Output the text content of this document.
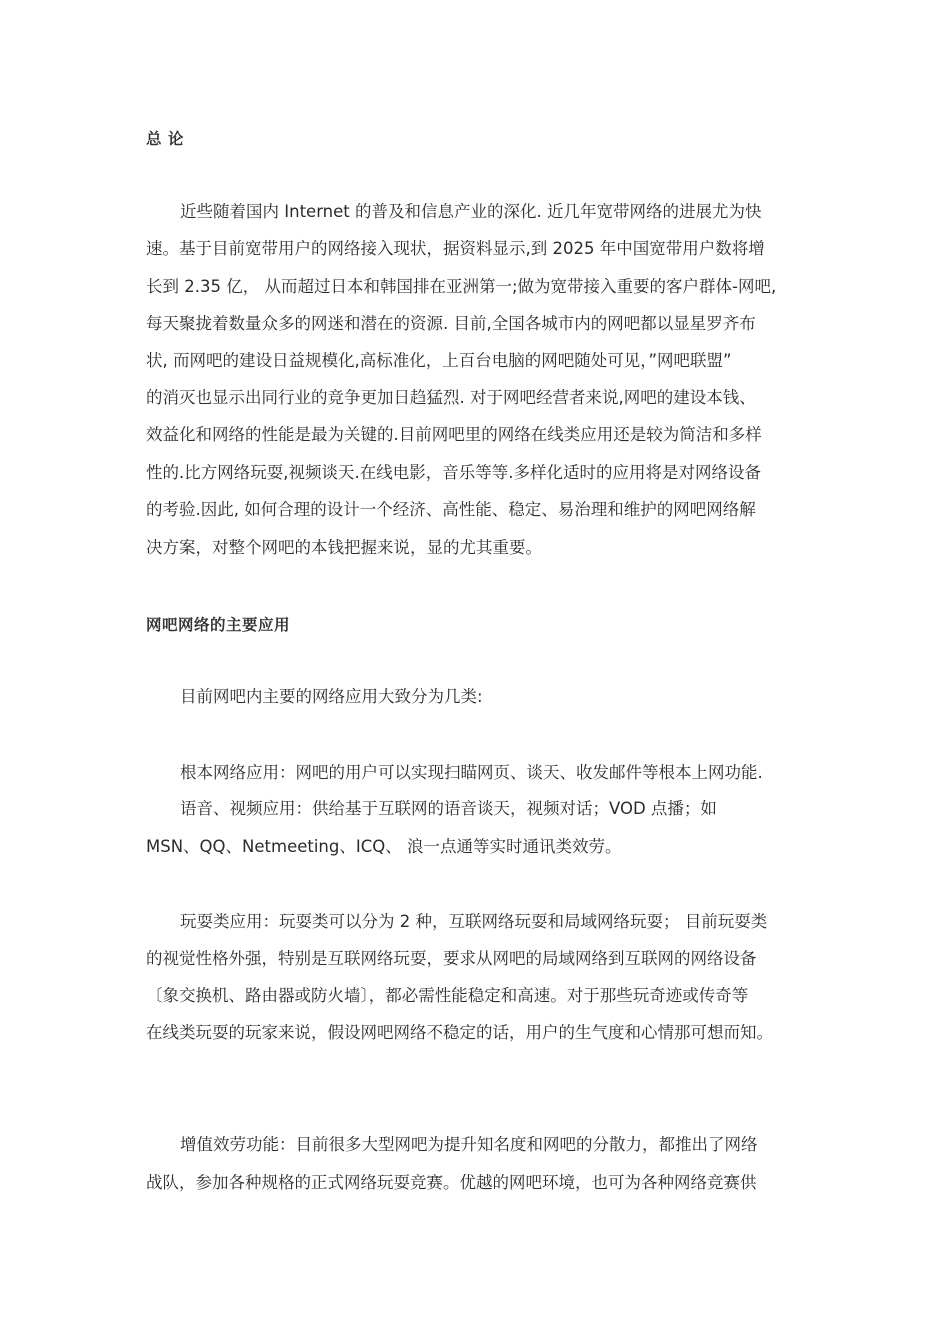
总 论
近些随着国内 Internet 的普及和信息产业的深化. 近几年宽带网络的进展尤为快
速。基于目前宽带用户的网络接入现状，据资料显示,到 2025 年中国宽带用户数将增
长到 2.35 亿， 从而超过日本和韩国排在亚洲第一;做为宽带接入重要的客户群体-网吧,
每天聚拢着数量众多的网迷和潜在的资源. 目前,全国各城市内的网吧都以显星罗齐布
状, 而网吧的建设日益规模化,高标准化，上百台电脑的网吧随处可见，”网吧联盟”
的消灭也显示出同行业的竞争更加日趋猛烈. 对于网吧经营者来说,网吧的建设本钱、
效益化和网络的性能是最为关键的.目前网吧里的网络在线类应用还是较为简洁和多样
性的.比方网络玩耍,视频谈天.在线电影，音乐等等.多样化适时的应用将是对网络设备
的考验.因此, 如何合理的设计一个经济、高性能、稳定、易治理和维护的网吧网络解
决方案，对整个网吧的本钱把握来说，显的尤其重要。
网吧网络的主要应用
目前网吧内主要的网络应用大致分为几类:
根本网络应用：网吧的用户可以实现扫瞄网页、谈天、收发邮件等根本上网功能.
语音、视频应用：供给基于互联网的语音谈天，视频对话；VOD 点播；如
MSN、QQ、Netmeeting、ICQ、 浪一点通等实时通讯类效劳。
玩耍类应用：玩耍类可以分为 2 种，互联网络玩耍和局域网络玩耍； 目前玩耍类
的视觉性格外强，特别是互联网络玩耍，要求从网吧的局域网络到互联网的网络设备
〔象交换机、路由器或防火墙〕，都必需性能稳定和高速。对于那些玩奇迹或传奇等
在线类玩耍的玩家来说，假设网吧网络不稳定的话，用户的生气度和心情那可想而知。
增值效劳功能：目前很多大型网吧为提升知名度和网吧的分散力，都推出了网络
战队，参加各种规格的正式网络玩耍竞赛。优越的网吧环境，也可为各种网络竞赛供
